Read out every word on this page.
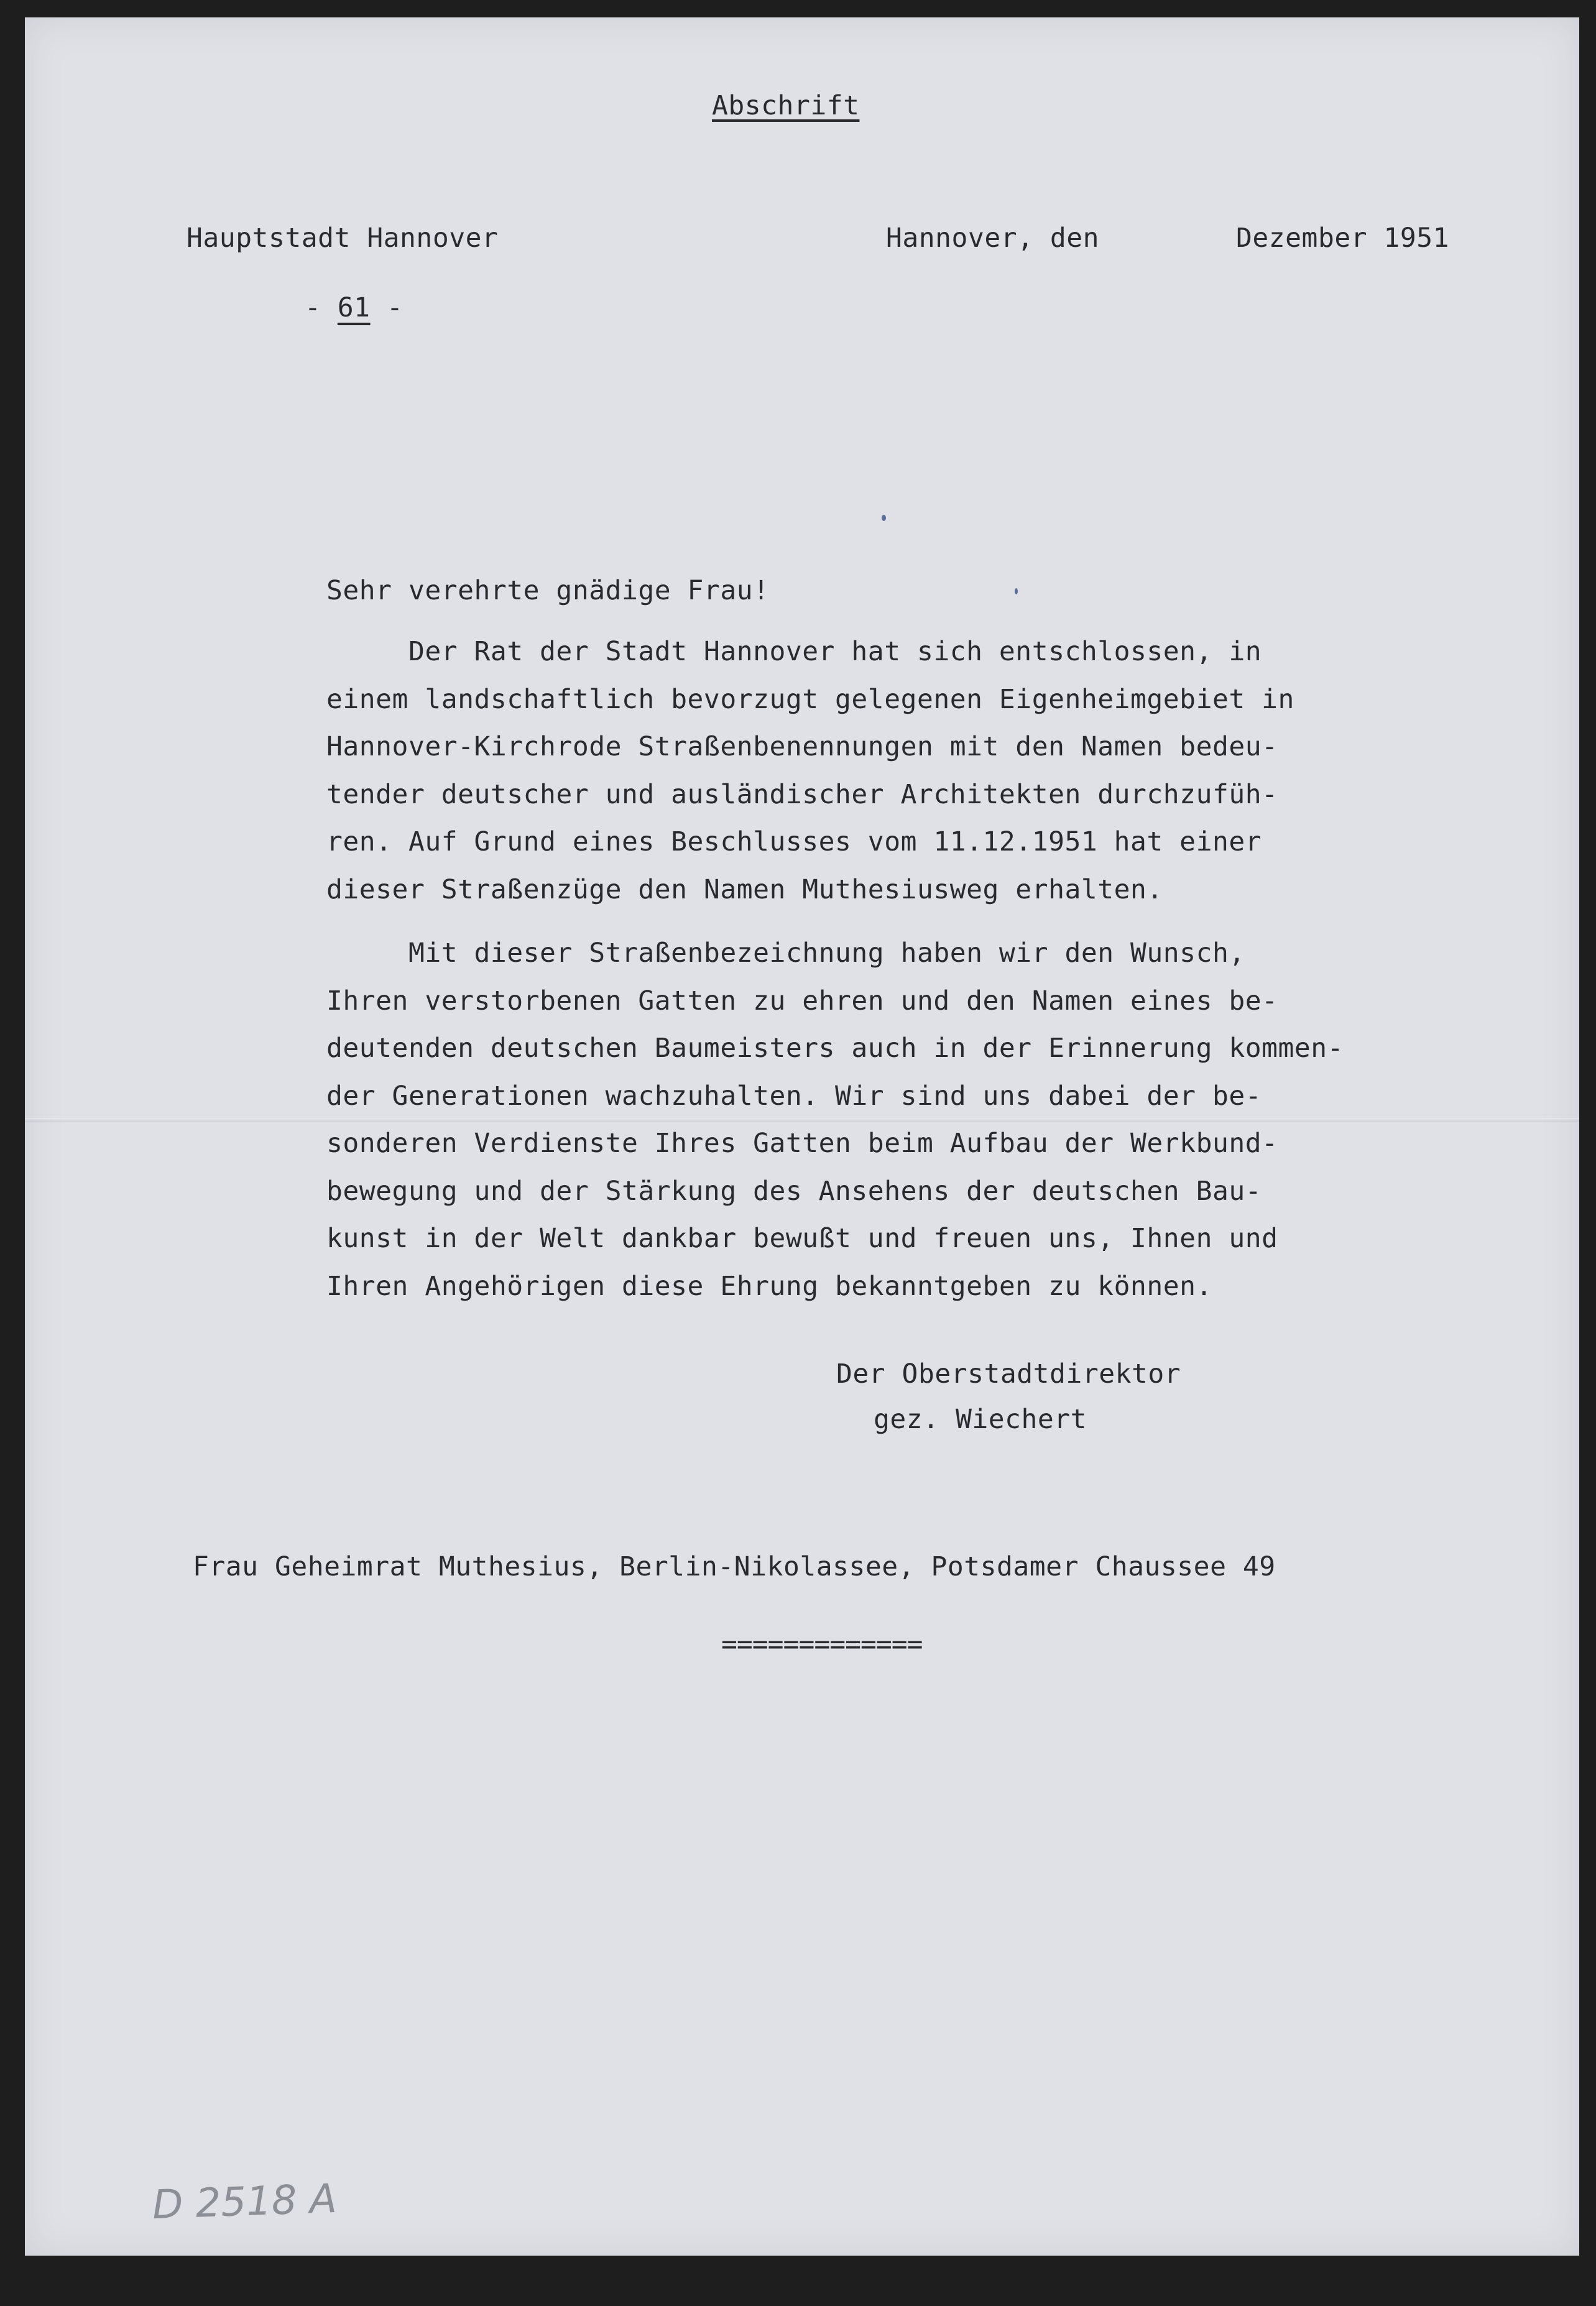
Abschrift
Hauptstadt Hannover	Hannover, den	Dezember 1951
- 61 -
Sehr verehrte gnädige Frau!
Der Rat der Stadt Hannover hat sich entschlossen, in
einem landschaftlich bevorzugt gelegenen Eigenheimgebiet in
Hannover-Kirchrode Straßenbenennungen mit den Namen bedeu-
tender deutscher und ausländischer Architekten durchzufüh-
ren. Auf Grund eines Beschlusses vom 11.12.1951 hat einer
dieser Straßenzüge den Namen Muthesiusweg erhalten.
Mit dieser Straßenbezeichnung haben wir den Wunsch,
Ihren verstorbenen Gatten zu ehren und den Namen eines be-
deutenden deutschen Baumeisters auch in der Erinnerung kommen-
der Generationen wachzuhalten. Wir sind uns dabei der be-
sonderen Verdienste Ihres Gatten beim Aufbau der Werkbund-
bewegung und der Stärkung des Ansehens der deutschen Bau-
kunst in der Welt dankbar bewußt und freuen uns, Ihnen und
Ihren Angehörigen diese Ehrung bekanntgeben zu können.
Der Oberstadtdirektor
gez. Wiechert
Frau Geheimrat Muthesius, Berlin-Nikolassee, Potsdamer Chaussee 49
=============
D 2518 A
